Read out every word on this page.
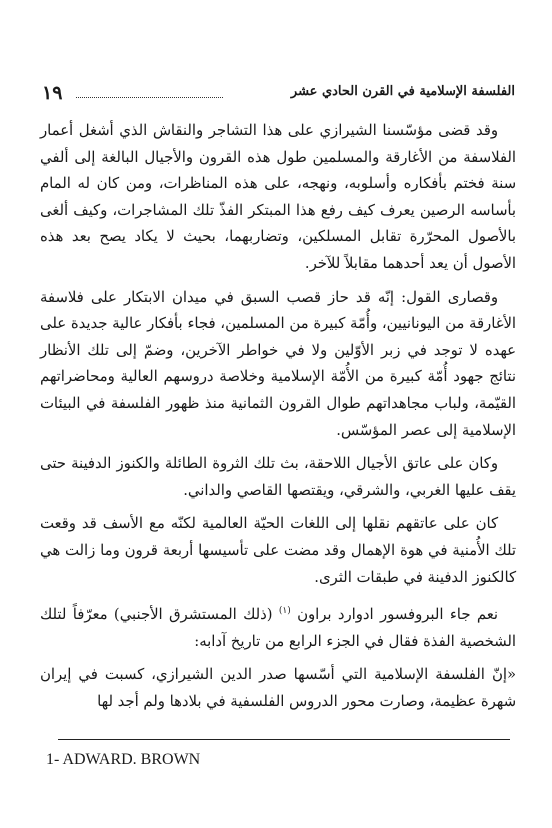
١٩	الفلسفة الإسلامية في القرن الحادي عشر

وقد قضى مؤسّسنا الشيرازي على هذا التشاجر والنقاش الذي أشغل أعمار الفلاسفة من الأغارقة والمسلمين طول هذه القرون والأجيال البالغة إلى ألفي سنة فختم بأفكاره وأسلوبه، ونهجه، على هذه المناظرات، ومن كان له المام بأساسه الرصين يعرف كيف رفع هذا المبتكر الفذّ تلك المشاجرات، وكيف ألغى بالأصول المحرّرة تقابل المسلكين، وتضاربهما، بحيث لا يكاد يصح بعد هذه الأصول أن يعد أحدهما مقابلاً للآخر.

وقصارى القول: إنّه قد حاز قصب السبق في ميدان الابتكار على فلاسفة الأغارقة من اليونانيين، وأُمّة كبيرة من المسلمين، فجاء بأفكار عالية جديدة على عهده لا توجد في زبر الأوّلين ولا في خواطر الآخرين، وضمّ إلى تلك الأنظار نتائج جهود أُمّة كبيرة من الأُمّة الإسلامية وخلاصة دروسهم العالية ومحاضراتهم القيّمة، ولباب مجاهداتهم طوال القرون الثمانية منذ ظهور الفلسفة في البيئات الإسلامية إلى عصر المؤسّس.

وكان على عاتق الأجيال اللاحقة، بث تلك الثروة الطائلة والكنوز الدفينة حتى يقف عليها الغربي، والشرقي، ويقتصها القاصي والداني.

كان على عاتقهم نقلها إلى اللغات الحيّة العالمية لكنّه مع الأسف قد وقعت تلك الأُمنية في هوة الإهمال وقد مضت على تأسيسها أربعة قرون وما زالت هي كالكنوز الدفينة في طبقات الثرى.

نعم جاء البروفسور ادوارد براون $^{(١)}$ (ذلك المستشرق الأجنبي) معرّفاً لتلك الشخصية الفذة فقال في الجزء الرابع من تاريخ آدابه:

«إنّ الفلسفة الإسلامية التي أسّسها صدر الدين الشيرازي، كسبت في إيران شهرة عظيمة، وصارت محور الدروس الفلسفية في بلادها ولم أجد لها

1- ADWARD. BROWN
